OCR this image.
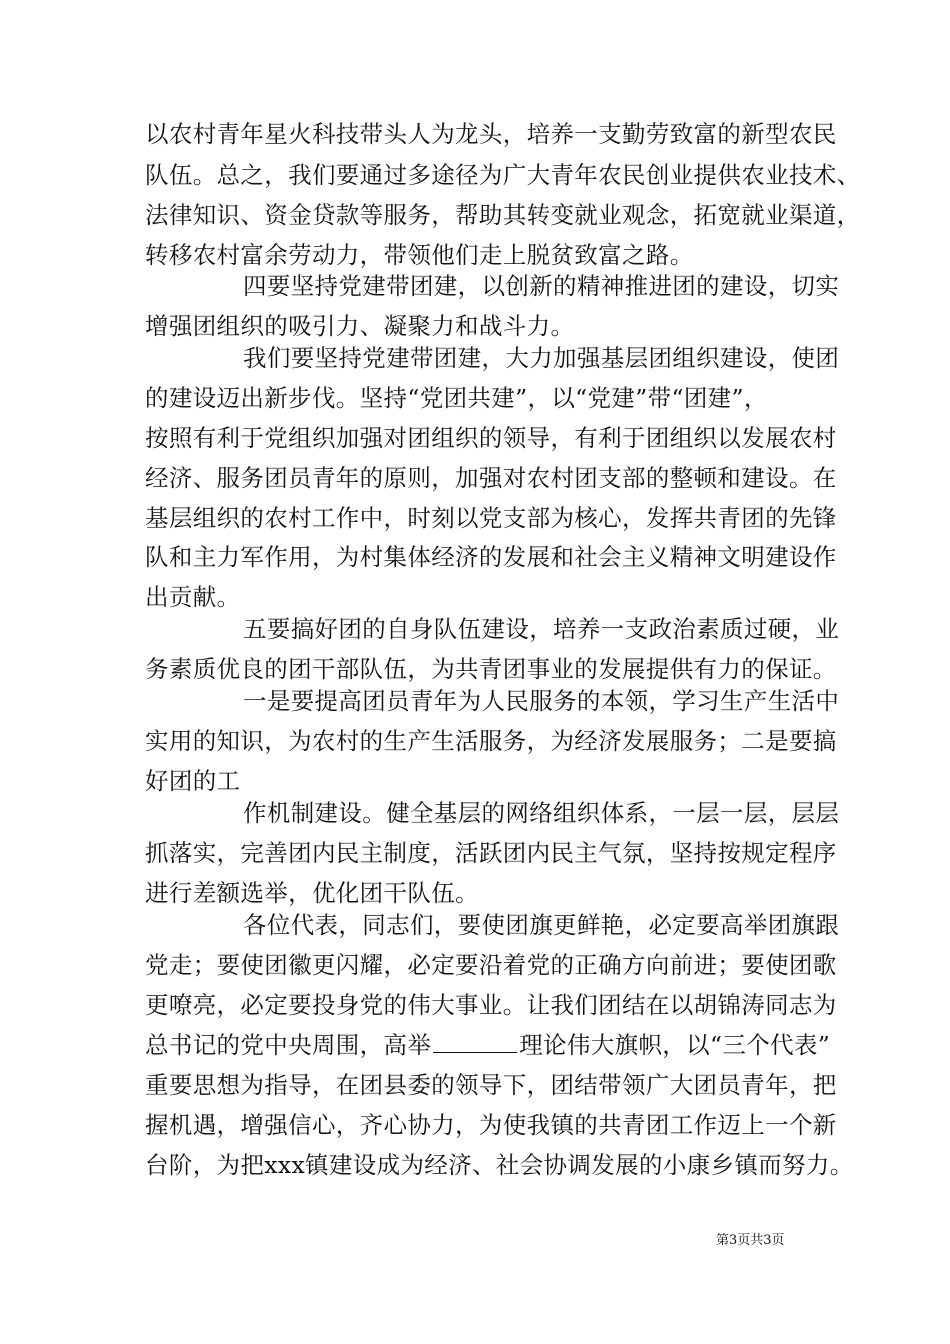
以农村青年星火科技带头人为龙头，培养一支勤劳致富的新型农民
队伍。总之，我们要通过多途径为广大青年农民创业提供农业技术、
法律知识、资金贷款等服务，帮助其转变就业观念，拓宽就业渠道，
转移农村富余劳动力，带领他们走上脱贫致富之路。
四要坚持党建带团建，以创新的精神推进团的建设，切实
增强团组织的吸引力、凝聚力和战斗力。
我们要坚持党建带团建，大力加强基层团组织建设，使团
的建设迈出新步伐。坚持“党团共建”，以“党建”带“团建”，
按照有利于党组织加强对团组织的领导，有利于团组织以发展农村
经济、服务团员青年的原则，加强对农村团支部的整顿和建设。在
基层组织的农村工作中，时刻以党支部为核心，发挥共青团的先锋
队和主力军作用，为村集体经济的发展和社会主义精神文明建设作
出贡献。
五要搞好团的自身队伍建设，培养一支政治素质过硬，业
务素质优良的团干部队伍，为共青团事业的发展提供有力的保证。
一是要提高团员青年为人民服务的本领，学习生产生活中
实用的知识，为农村的生产生活服务，为经济发展服务；二是要搞
好团的工
作机制建设。健全基层的网络组织体系，一层一层，层层
抓落实，完善团内民主制度，活跃团内民主气氛，坚持按规定程序
进行差额选举，优化团干队伍。
各位代表，同志们，要使团旗更鲜艳，必定要高举团旗跟
党走；要使团徽更闪耀，必定要沿着党的正确方向前进；要使团歌
更嘹亮，必定要投身党的伟大事业。让我们团结在以胡锦涛同志为
总书记的党中央周围，高举	理论伟大旗帜，以“三个代表”
重要思想为指导，在团县委的领导下，团结带领广大团员青年，把
握机遇，增强信心，齐心协力，为使我镇的共青团工作迈上一个新
台阶，为把xxx镇建设成为经济、社会协调发展的小康乡镇而努力。
第3页共3页
